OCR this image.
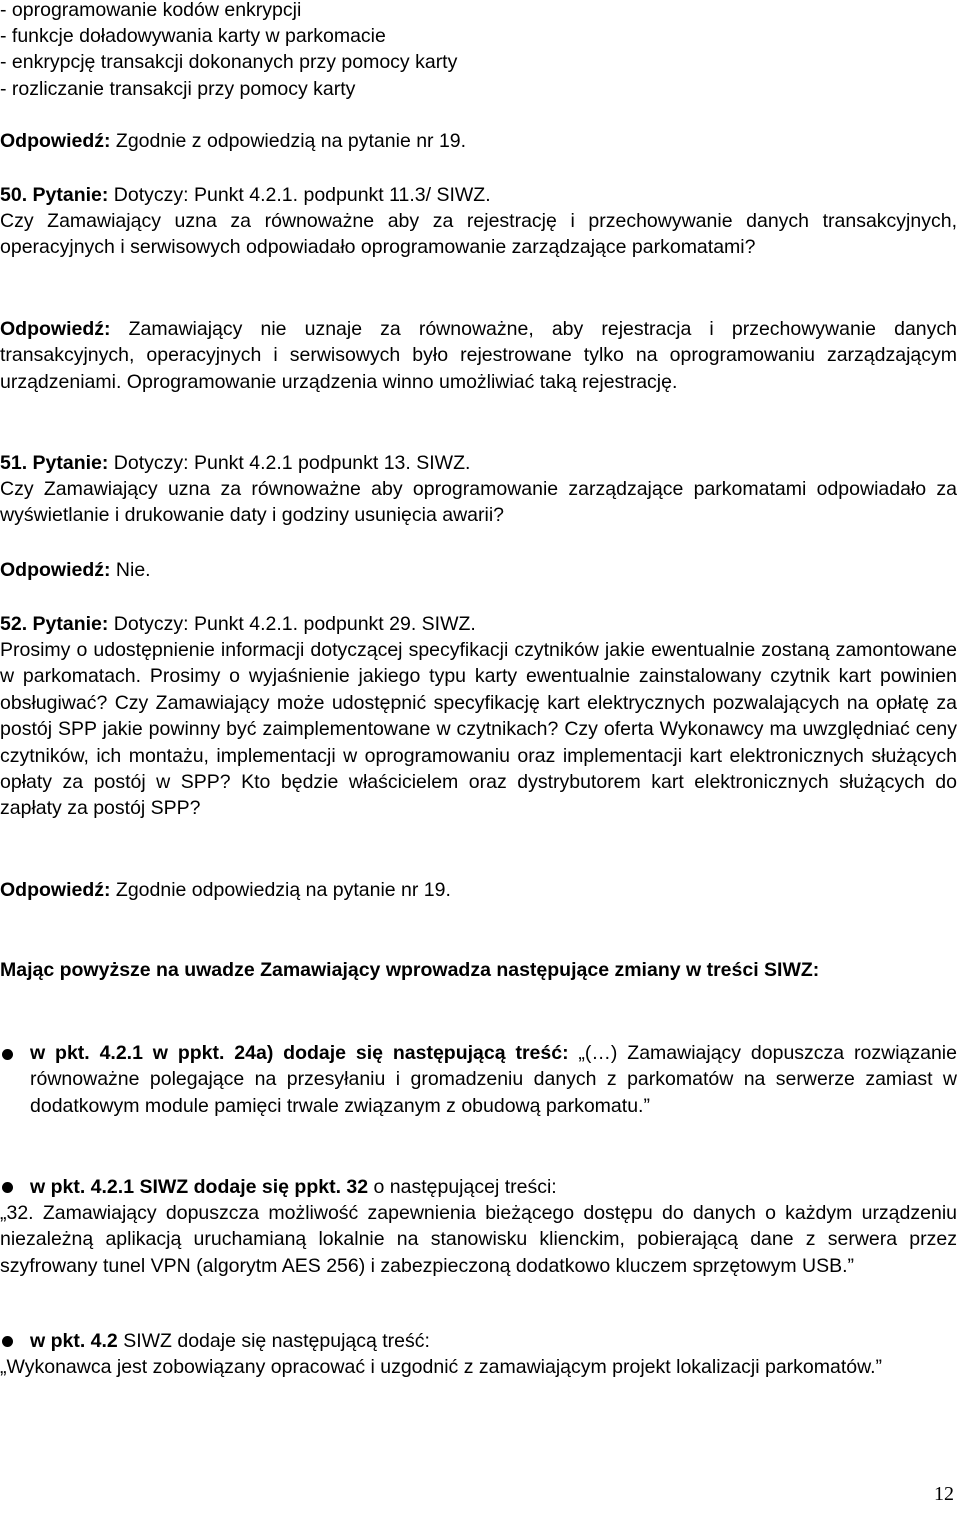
- oprogramowanie kodów enkrypcji
- funkcje doładowywania karty w parkomacie
- enkrypcję transakcji dokonanych przy pomocy karty
- rozliczanie transakcji przy pomocy karty
Odpowiedź: Zgodnie z odpowiedzią na pytanie nr 19.
50. Pytanie: Dotyczy: Punkt 4.2.1. podpunkt 11.3/ SIWZ.
Czy Zamawiający uzna za równoważne aby za rejestrację i przechowywanie danych transakcyjnych, operacyjnych i serwisowych odpowiadało oprogramowanie zarządzające parkomatami?
Odpowiedź: Zamawiający nie uznaje za równoważne, aby rejestracja i przechowywanie danych transakcyjnych, operacyjnych i serwisowych było rejestrowane tylko na oprogramowaniu zarządzającym urządzeniami. Oprogramowanie urządzenia winno umożliwiać taką rejestrację.
51. Pytanie: Dotyczy: Punkt 4.2.1 podpunkt 13. SIWZ.
Czy Zamawiający uzna za równoważne aby oprogramowanie zarządzające parkomatami odpowiadało za wyświetlanie i drukowanie daty i godziny usunięcia awarii?
Odpowiedź: Nie.
52. Pytanie: Dotyczy: Punkt 4.2.1. podpunkt 29. SIWZ.
Prosimy o udostępnienie informacji dotyczącej specyfikacji czytników jakie ewentualnie zostaną zamontowane w parkomatach. Prosimy o wyjaśnienie jakiego typu karty ewentualnie zainstalowany czytnik kart powinien obsługiwać? Czy Zamawiający może udostępnić specyfikację kart elektrycznych pozwalających na opłatę za postój SPP jakie powinny być zaimplementowane w czytnikach? Czy oferta Wykonawcy ma uwzględniać ceny czytników, ich montażu, implementacji w oprogramowaniu oraz implementacji kart elektronicznych służących opłaty za postój w SPP? Kto będzie właścicielem oraz dystrybutorem kart elektronicznych służących do zapłaty za postój SPP?
Odpowiedź: Zgodnie odpowiedzią na pytanie nr 19.
Mając powyższe na uwadze Zamawiający wprowadza następujące zmiany w treści SIWZ:
w pkt. 4.2.1 w ppkt. 24a) dodaje się następującą treść: „(…) Zamawiający dopuszcza rozwiązanie równoważne polegające na przesyłaniu i gromadzeniu danych z parkomatów na serwerze zamiast w dodatkowym module pamięci trwale związanym z obudową parkomatu.”
w pkt. 4.2.1 SIWZ dodaje się ppkt. 32 o następującej treści:
„32. Zamawiający dopuszcza możliwość zapewnienia bieżącego dostępu do danych o każdym urządzeniu niezależną aplikacją uruchamianą lokalnie na stanowisku klienckim, pobierającą dane z serwera przez szyfrowany tunel VPN (algorytm AES 256) i zabezpieczoną dodatkowo kluczem sprzętowym USB.”
w pkt. 4.2 SIWZ dodaje się następującą treść:
„Wykonawca jest zobowiązany opracować i uzgodnić z zamawiającym projekt lokalizacji parkomatów.”
12
